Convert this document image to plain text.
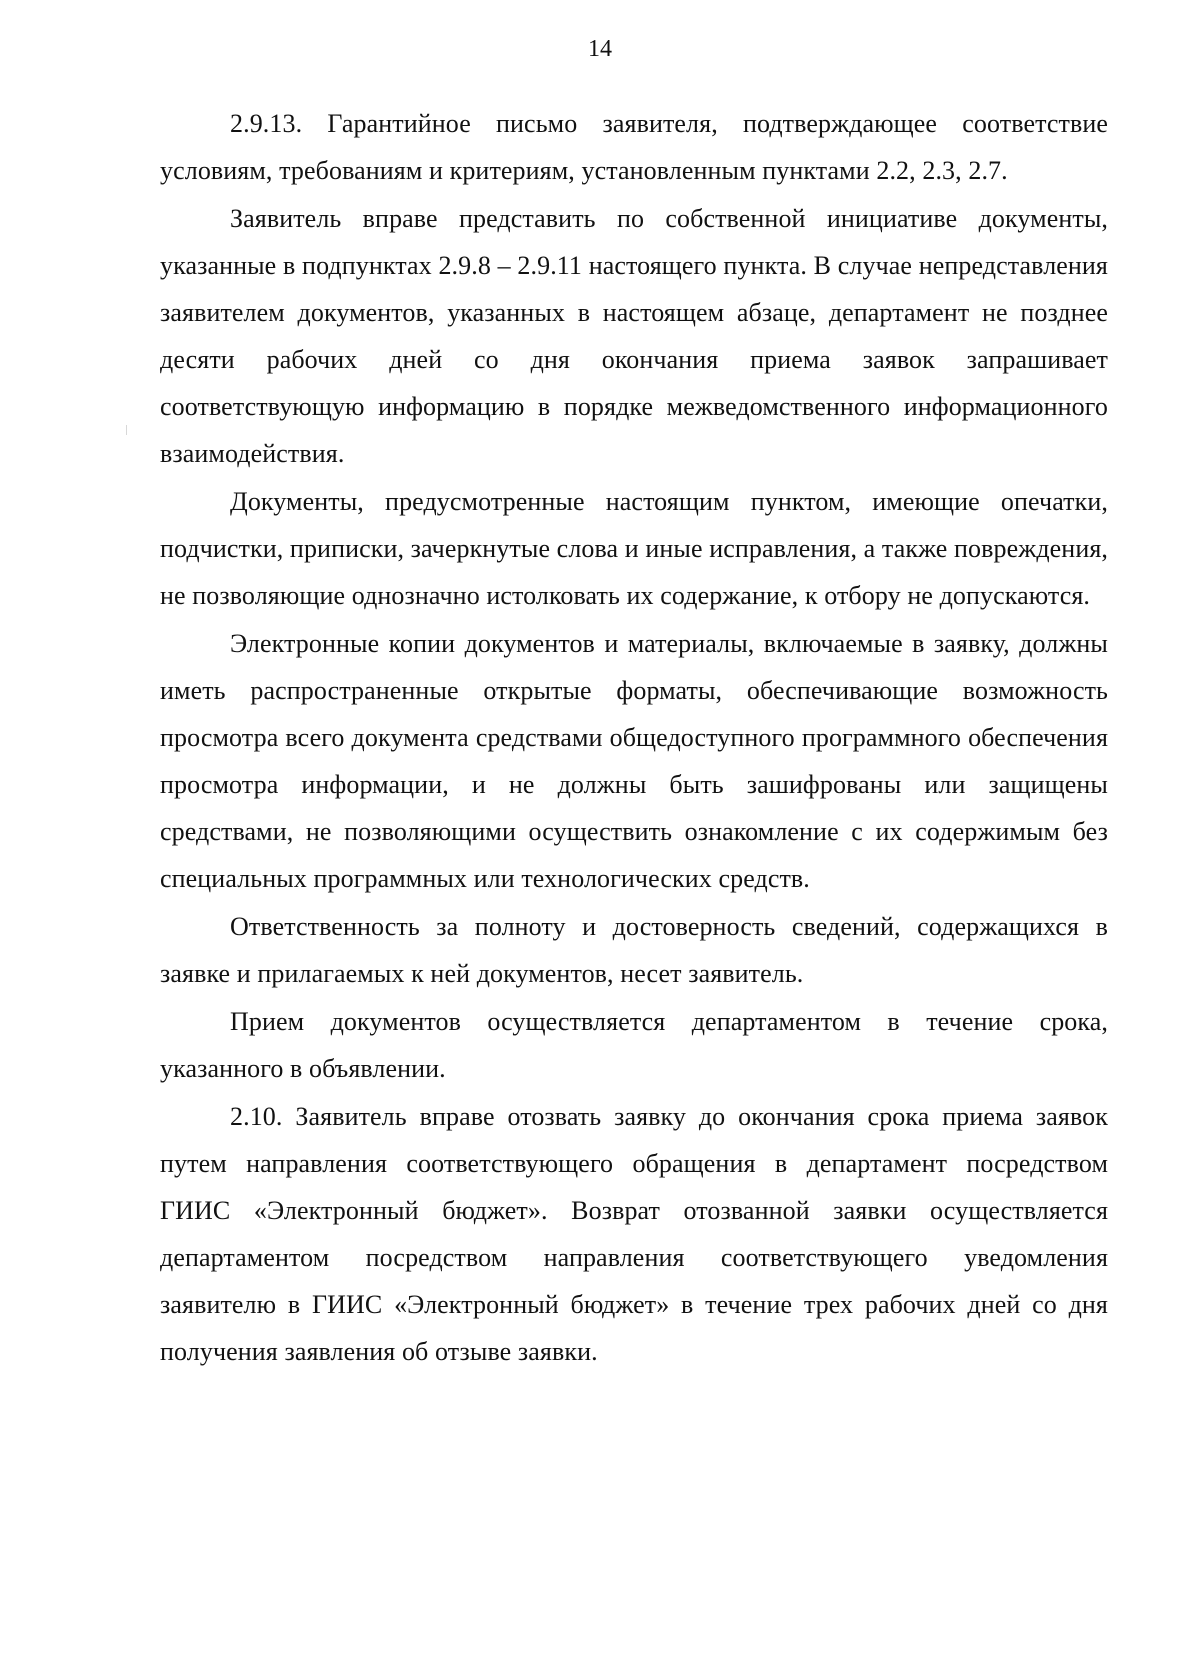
14

2.9.13. Гарантийное письмо заявителя, подтверждающее соответствие условиям, требованиям и критериям, установленным пунктами 2.2, 2.3, 2.7.

Заявитель вправе представить по собственной инициативе документы, указанные в подпунктах 2.9.8 – 2.9.11 настоящего пункта. В случае непредставления заявителем документов, указанных в настоящем абзаце, департамент не позднее десяти рабочих дней со дня окончания приема заявок запрашивает соответствующую информацию в порядке межведомственного информационного взаимодействия.

Документы, предусмотренные настоящим пунктом, имеющие опечатки, подчистки, приписки, зачеркнутые слова и иные исправления, а также повреждения, не позволяющие однозначно истолковать их содержание, к отбору не допускаются.

Электронные копии документов и материалы, включаемые в заявку, должны иметь распространенные открытые форматы, обеспечивающие возможность просмотра всего документа средствами общедоступного программного обеспечения просмотра информации, и не должны быть зашифрованы или защищены средствами, не позволяющими осуществить ознакомление с их содержимым без специальных программных или технологических средств.

Ответственность за полноту и достоверность сведений, содержащихся в заявке и прилагаемых к ней документов, несет заявитель.

Прием документов осуществляется департаментом в течение срока, указанного в объявлении.

2.10. Заявитель вправе отозвать заявку до окончания срока приема заявок путем направления соответствующего обращения в департамент посредством ГИИС «Электронный бюджет». Возврат отозванной заявки осуществляется департаментом посредством направления соответствующего уведомления заявителю в ГИИС «Электронный бюджет» в течение трех рабочих дней со дня получения заявления об отзыве заявки.
